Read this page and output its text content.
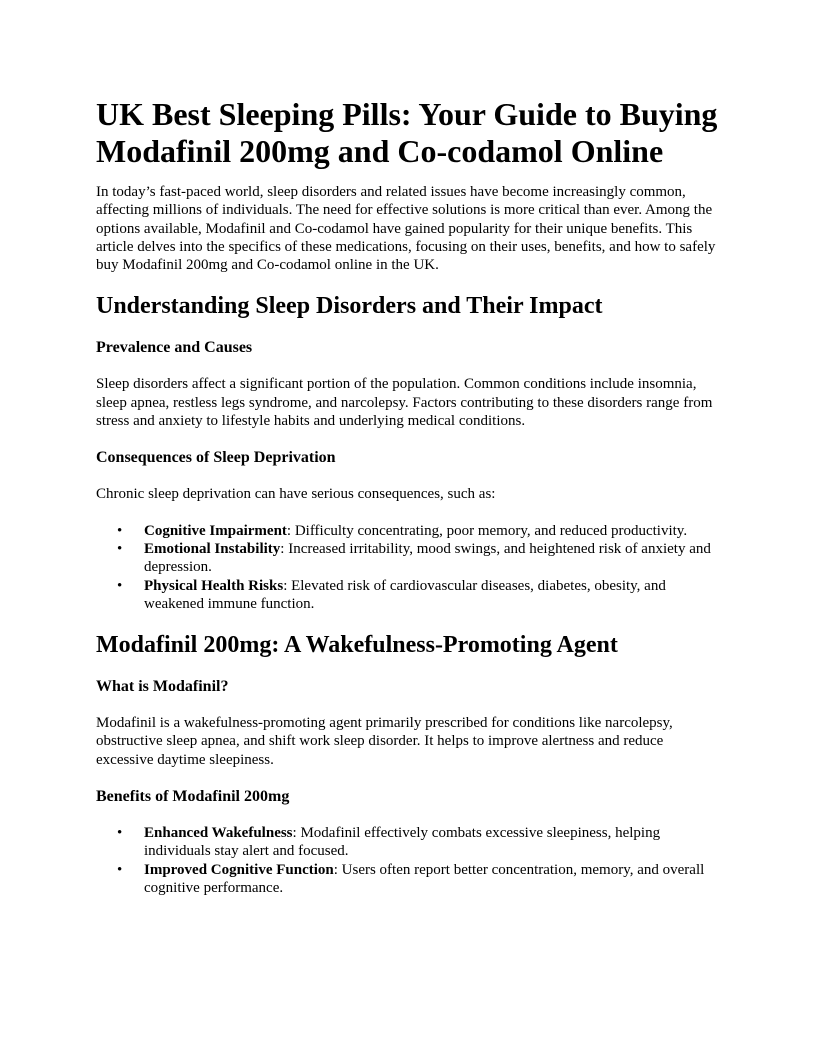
UK Best Sleeping Pills: Your Guide to Buying Modafinil 200mg and Co-codamol Online

In today’s fast-paced world, sleep disorders and related issues have become increasingly common, affecting millions of individuals. The need for effective solutions is more critical than ever. Among the options available, Modafinil and Co-codamol have gained popularity for their unique benefits. This article delves into the specifics of these medications, focusing on their uses, benefits, and how to safely buy Modafinil 200mg and Co-codamol online in the UK.

Understanding Sleep Disorders and Their Impact
Prevalence and Causes

Sleep disorders affect a significant portion of the population. Common conditions include insomnia, sleep apnea, restless legs syndrome, and narcolepsy. Factors contributing to these disorders range from stress and anxiety to lifestyle habits and underlying medical conditions.

Consequences of Sleep Deprivation

Chronic sleep deprivation can have serious consequences, such as:

• Cognitive Impairment: Difficulty concentrating, poor memory, and reduced productivity.
• Emotional Instability: Increased irritability, mood swings, and heightened risk of anxiety and depression.
• Physical Health Risks: Elevated risk of cardiovascular diseases, diabetes, obesity, and weakened immune function.
Modafinil 200mg: A Wakefulness-Promoting Agent
What is Modafinil?

Modafinil is a wakefulness-promoting agent primarily prescribed for conditions like narcolepsy, obstructive sleep apnea, and shift work sleep disorder. It helps to improve alertness and reduce excessive daytime sleepiness.

Benefits of Modafinil 200mg
• Enhanced Wakefulness: Modafinil effectively combats excessive sleepiness, helping individuals stay alert and focused.
• Improved Cognitive Function: Users often report better concentration, memory, and overall cognitive performance.
